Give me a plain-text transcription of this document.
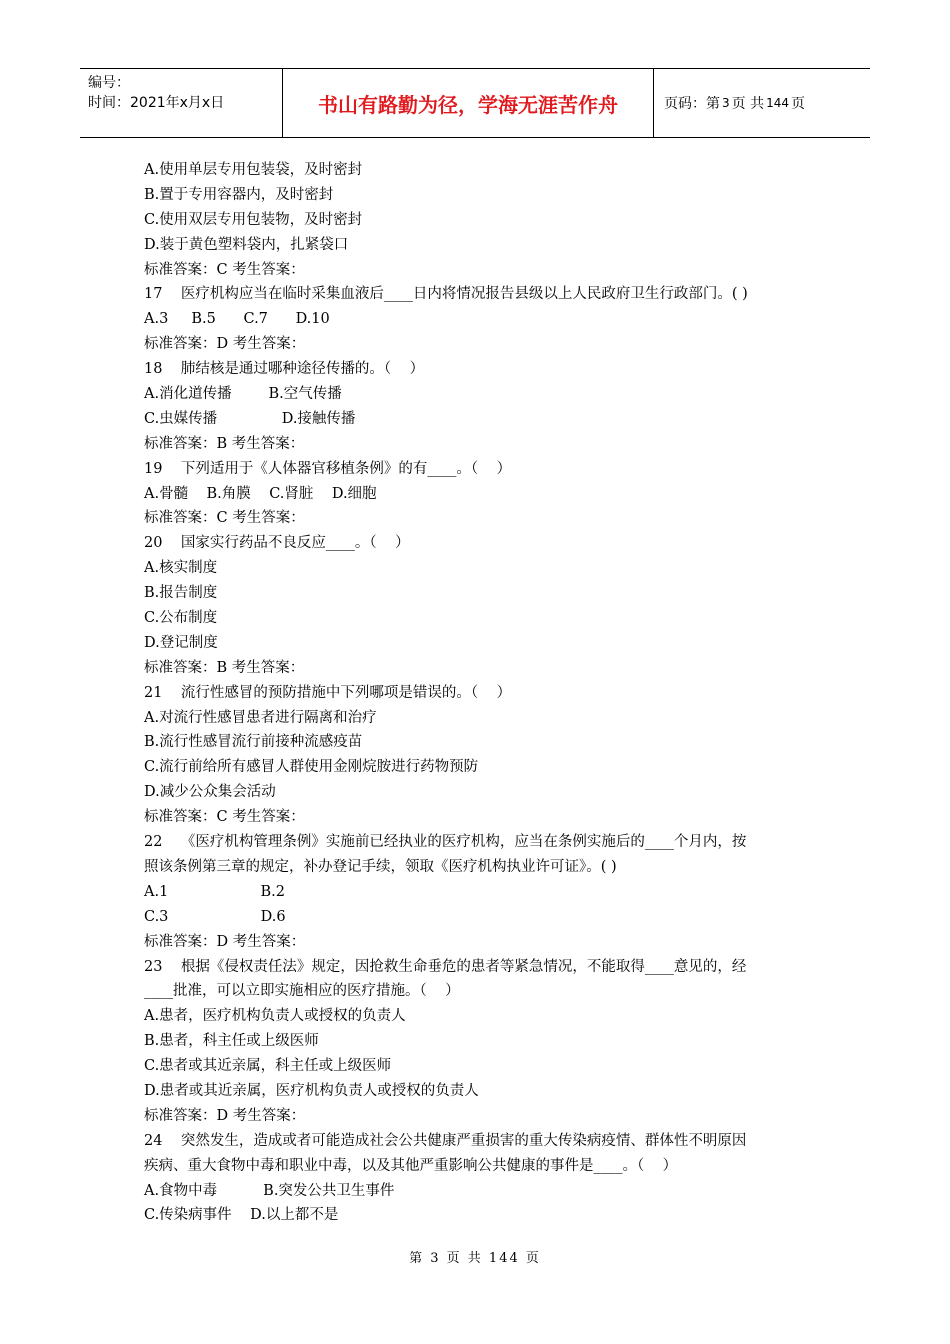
编号：
时间：2021年x月x日	书山有路勤为径，学海无涯苦作舟	页码：第 3 页 共 144 页
A.使用单层专用包装袋，及时密封
B.置于专用容器内，及时密封
C.使用双层专用包装物，及时密封
D.装于黄色塑料袋内，扎紧袋口
标准答案：C 考生答案：
17    医疗机构应当在临时采集血液后____日内将情况报告县级以上人民政府卫生行政部门。( )
A.3     B.5      C.7      D.10
标准答案：D 考生答案：
18    肺结核是通过哪种途径传播的。（    ）
A.消化道传播        B.空气传播
C.虫媒传播              D.接触传播
标准答案：B 考生答案：
19    下列适用于《人体器官移植条例》的有____。（    ）
A.骨髓    B.角膜    C.肾脏    D.细胞
标准答案：C 考生答案：
20    国家实行药品不良反应____。（    ）
A.核实制度
B.报告制度
C.公布制度
D.登记制度
标准答案：B 考生答案：
21    流行性感冒的预防措施中下列哪项是错误的。（    ）
A.对流行性感冒患者进行隔离和治疗
B.流行性感冒流行前接种流感疫苗
C.流行前给所有感冒人群使用金刚烷胺进行药物预防
D.减少公众集会活动
标准答案：C 考生答案：
22    《医疗机构管理条例》实施前已经执业的医疗机构，应当在条例实施后的____个月内，按
照该条例第三章的规定，补办登记手续，领取《医疗机构执业许可证》。( )
A.1                    B.2
C.3                    D.6
标准答案：D 考生答案：
23    根据《侵权责任法》规定，因抢救生命垂危的患者等紧急情况，不能取得____意见的，经
____批准，可以立即实施相应的医疗措施。（    ）
A.患者，医疗机构负责人或授权的负责人
B.患者，科主任或上级医师
C.患者或其近亲属，科主任或上级医师
D.患者或其近亲属，医疗机构负责人或授权的负责人
标准答案：D 考生答案：
24    突然发生，造成或者可能造成社会公共健康严重损害的重大传染病疫情、群体性不明原因
疾病、重大食物中毒和职业中毒，以及其他严重影响公共健康的事件是____。（    ）
A.食物中毒          B.突发公共卫生事件
C.传染病事件    D.以上都不是
第 3 页 共 144 页
